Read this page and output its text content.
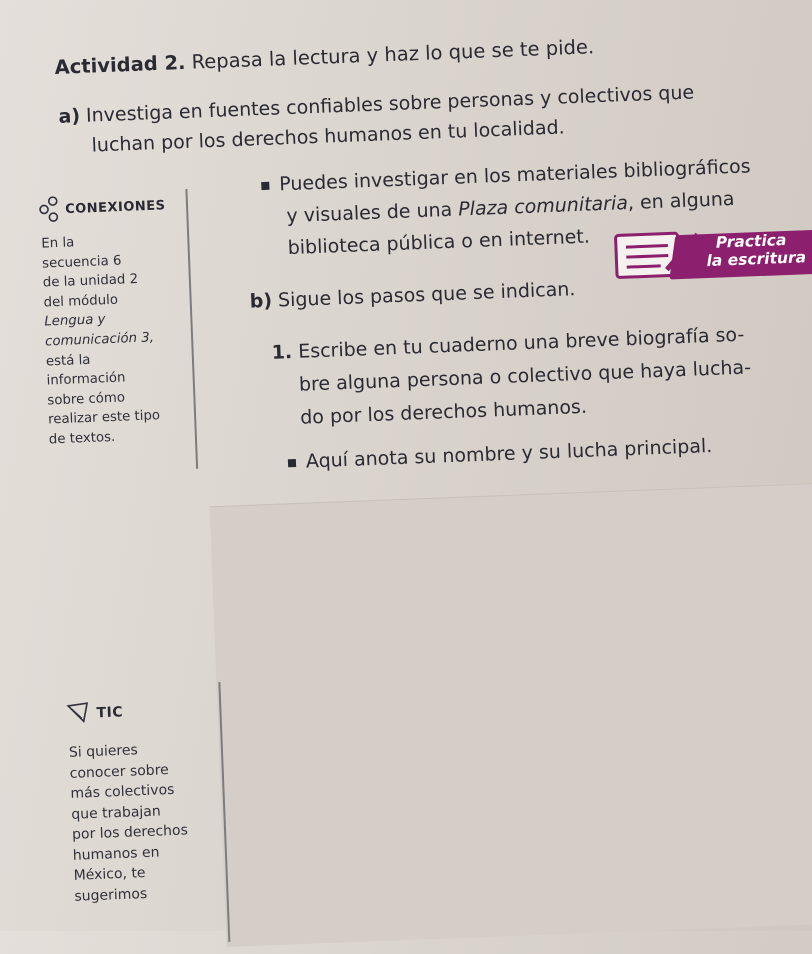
Actividad 2. Repasa la lectura y haz lo que se te pide.
a) Investiga en fuentes confiables sobre personas y colectivos que
luchan por los derechos humanos en tu localidad.
Puedes investigar en los materiales bibliográficos
y visuales de una Plaza comunitaria, en alguna
biblioteca pública o en internet.
b) Sigue los pasos que se indican.
Practica
la escritura
1. Escribe en tu cuaderno una breve biografía so-
bre alguna persona o colectivo que haya lucha-
do por los derechos humanos.
Aquí anota su nombre y su lucha principal.
CONEXIONES
En la
secuencia 6
de la unidad 2
del módulo
Lengua y
comunicación 3,
está la
información
sobre cómo
realizar este tipo
de textos.
TIC
Si quieres
conocer sobre
más colectivos
que trabajan
por los derechos
humanos en
México, te
sugerimos
